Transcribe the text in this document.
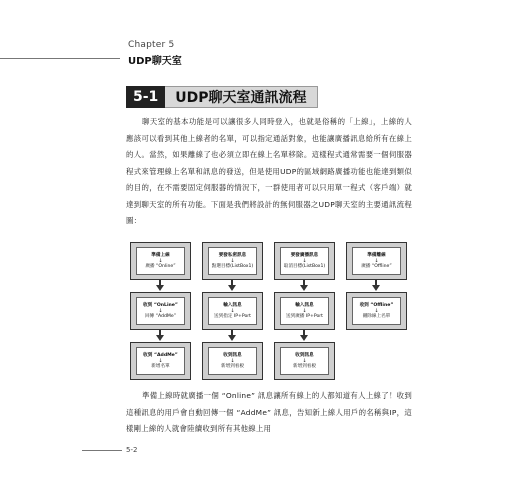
Chapter 5
UDP聊天室
5-1	UDP聊天室通訊流程
聊天室的基本功能是可以讓很多人同時登入，也就是俗稱的「上線」，上線的人應該可以看到其他上線者的名單，可以指定通話對象，也能讓廣播訊息給所有在線上的人。當然，如果離線了也必須立即在線上名單移除。這樣程式通常需要一個伺服器程式來管理線上名單和訊息的發送，但是使用UDP的區域網路廣播功能也能達到類似的目的，在不需要固定伺服器的情況下，一群使用者可以只用單一程式（客戶端）就達到聊天室的所有功能。下面是我們將設計的無伺服器之UDP聊天室的主要通訊流程圖：
準備上線
↓
廣播 “Online”
要發私密訊息
↓
點選目標(ListBox1)
要發廣播訊息
↓
取消目標(ListBox1)
準備離線
↓
廣播 “Offline”
收到 “OnLine”
↓
回傳 “AddMe”
輸入訊息
↓
送到指定 IP+Port
輸入訊息
↓
送到廣播 IP+Port
收到 “Offline”
↓
刪除線上名單
收到 “AddMe”
↓
新增名單
收到訊息
↓
新增到看板
收到訊息
↓
新增到看板
準備上線時就廣播一個 “Online” 訊息讓所有線上的人都知道有人上線了！收到這種訊息的用戶會自動回傳一個 “AddMe” 訊息，告知新上線人用戶的名稱與IP，這樣剛上線的人就會陸續收到所有其他線上用
5-2
